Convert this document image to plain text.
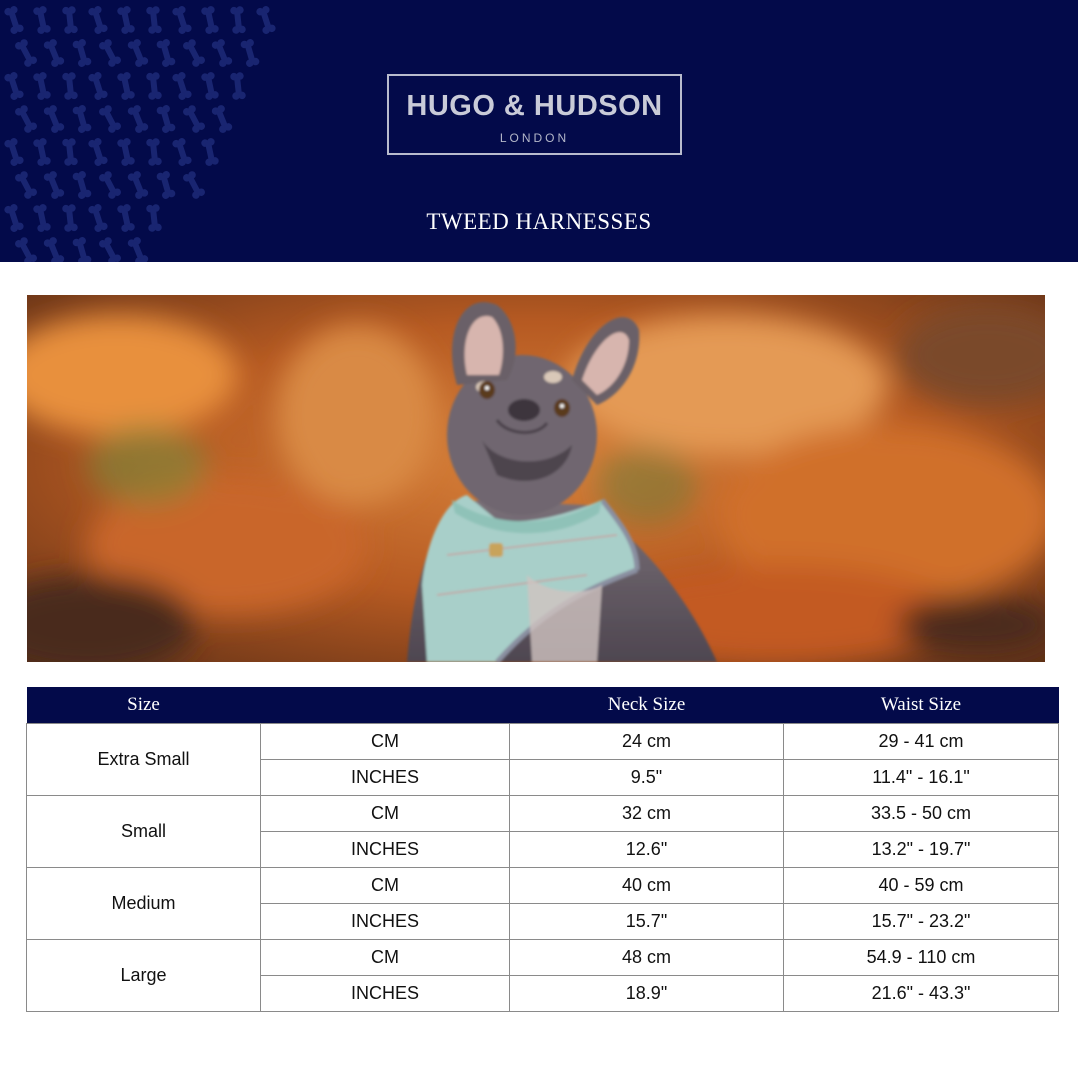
HUGO & HUDSON
LONDON
TWEED HARNESSES
Size		Neck Size	Waist Size
Extra Small	CM	24 cm	29 - 41 cm
	INCHES	9.5"	11.4" - 16.1"
Small	CM	32 cm	33.5 - 50 cm
	INCHES	12.6"	13.2" - 19.7"
Medium	CM	40 cm	40 - 59 cm
	INCHES	15.7"	15.7" - 23.2"
Large	CM	48 cm	54.9 - 110 cm
	INCHES	18.9"	21.6" - 43.3"
